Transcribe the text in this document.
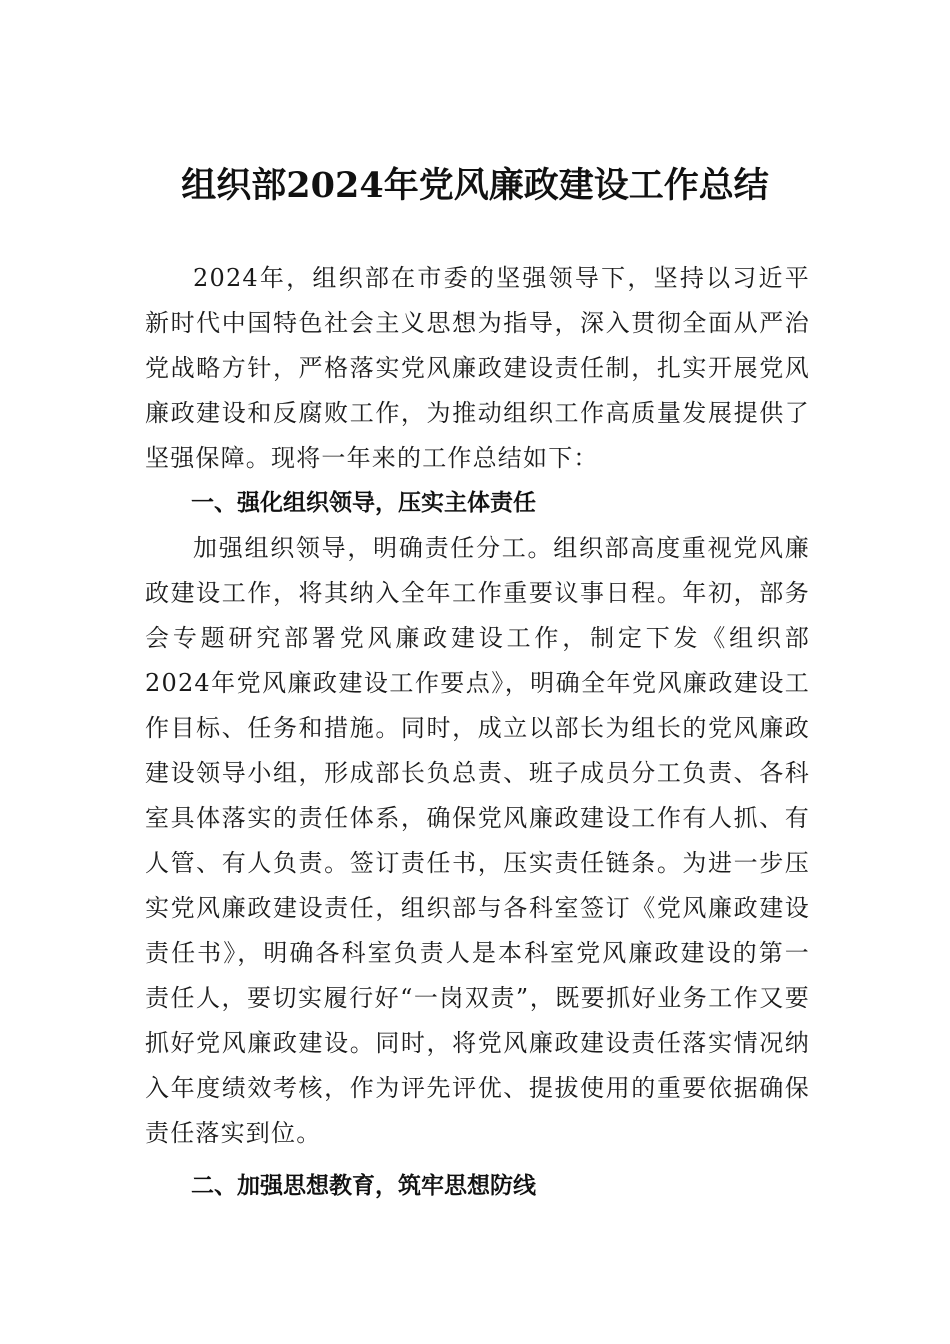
组织部2024年党风廉政建设工作总结

2024年，组织部在市委的坚强领导下，坚持以习近平新时代中国特色社会主义思想为指导，深入贯彻全面从严治党战略方针，严格落实党风廉政建设责任制，扎实开展党风廉政建设和反腐败工作，为推动组织工作高质量发展提供了坚强保障。现将一年来的工作总结如下：

一、强化组织领导，压实主体责任

加强组织领导，明确责任分工。组织部高度重视党风廉政建设工作，将其纳入全年工作重要议事日程。年初，部务会专题研究部署党风廉政建设工作，制定下发《组织部2024年党风廉政建设工作要点》，明确全年党风廉政建设工作目标、任务和措施。同时，成立以部长为组长的党风廉政建设领导小组，形成部长负总责、班子成员分工负责、各科室具体落实的责任体系，确保党风廉政建设工作有人抓、有人管、有人负责。签订责任书，压实责任链条。为进一步压实党风廉政建设责任，组织部与各科室签订《党风廉政建设责任书》，明确各科室负责人是本科室党风廉政建设的第一责任人，要切实履行好“一岗双责”，既要抓好业务工作又要抓好党风廉政建设。同时，将党风廉政建设责任落实情况纳入年度绩效考核，作为评先评优、提拔使用的重要依据确保责任落实到位。

二、加强思想教育，筑牢思想防线
